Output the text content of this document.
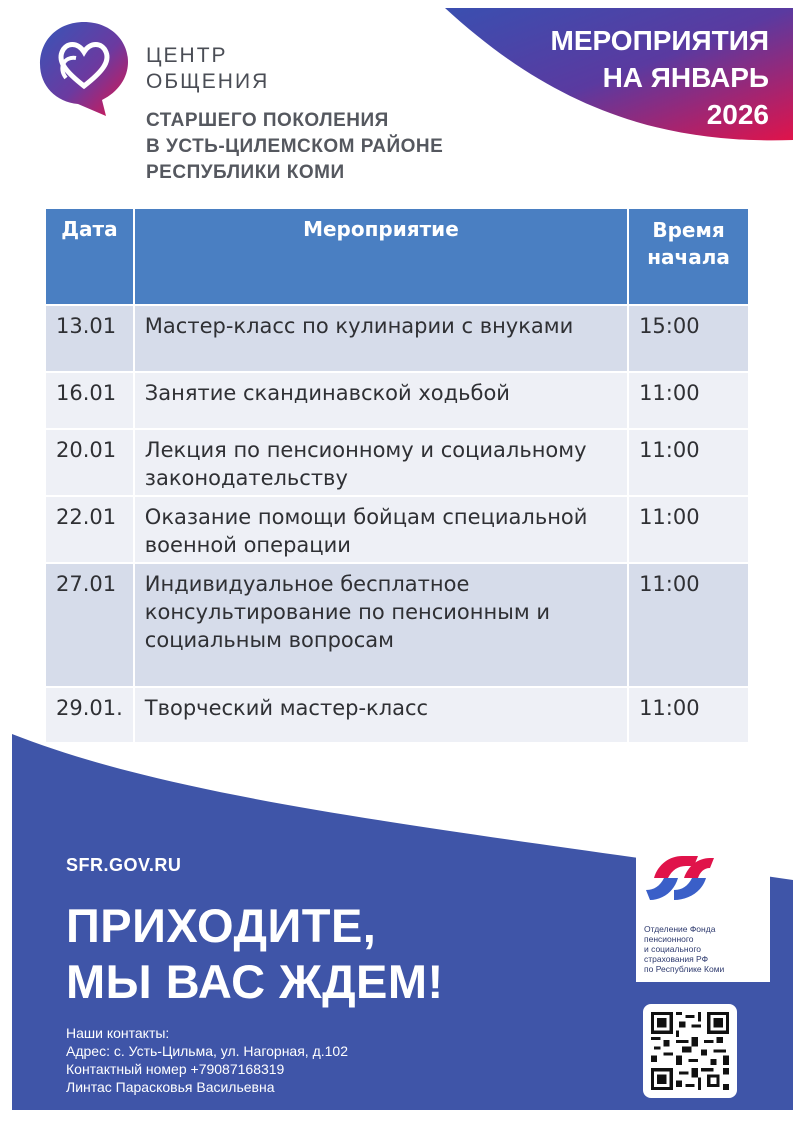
МЕРОПРИЯТИЯ
НА ЯНВАРЬ
2026
ЦЕНТР
ОБЩЕНИЯ
СТАРШЕГО ПОКОЛЕНИЯ
В УСТЬ-ЦИЛЕМСКОМ РАЙОНЕ
РЕСПУБЛИКИ КОМИ
Дата	Мероприятие	Время
начала

13.01	Мастер-класс по кулинарии с внуками	15:00
16.01	Занятие скандинавской ходьбой	11:00
20.01	Лекция по пенсионному и социальному законодательству	11:00
22.01	Оказание помощи бойцам специальной военной операции	11:00
27.01	Индивидуальное бесплатное консультирование по пенсионным и социальным вопросам	11:00
29.01.	Творческий мастер-класс	11:00
SFR.GOV.RU
ПРИХОДИТЕ,
МЫ ВАС ЖДЕМ!
Наши контакты:
Адрес: с. Усть-Цильма, ул. Нагорная, д.102
Контактный номер +79087168319
Линтас Парасковья Васильевна
Отделение Фонда
пенсионного
и социального
страхования РФ
по Республике Коми
